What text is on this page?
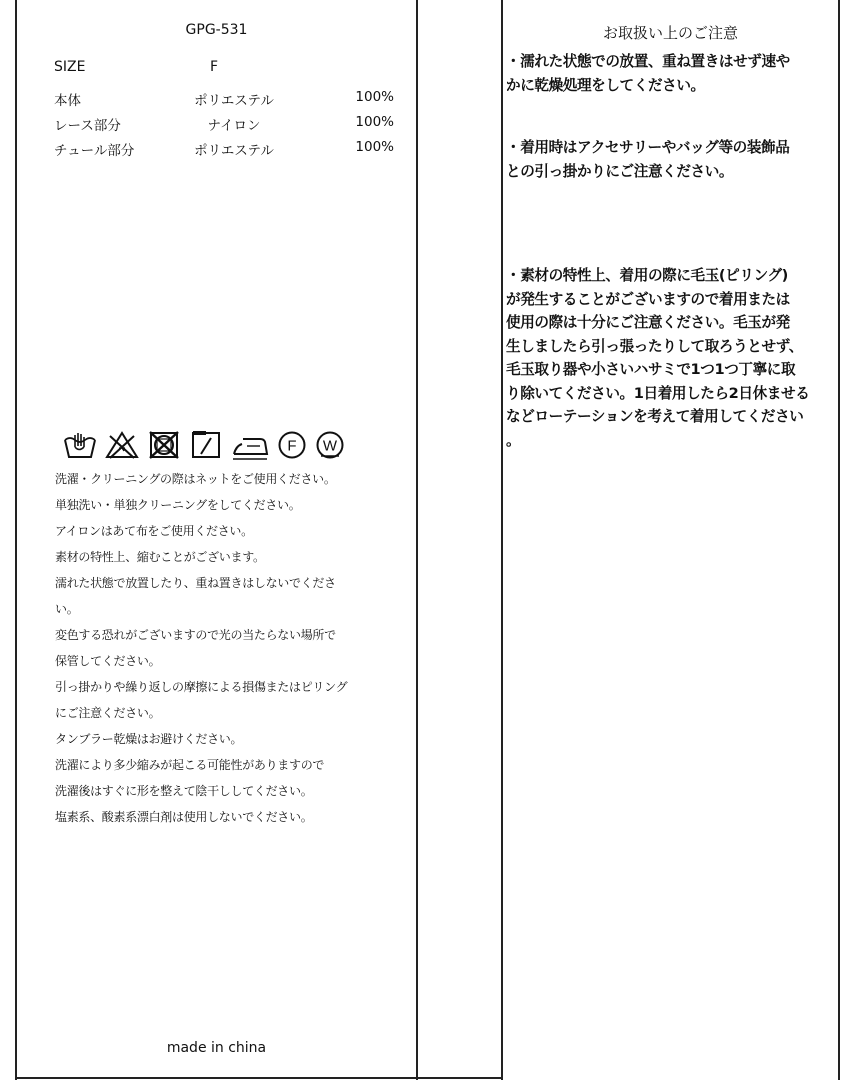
GPG-531
SIZE	F
本体	ポリエステル	100%
レース部分	ナイロン	100%
チュール部分	ポリエステル	100%
F W
洗濯・クリーニングの際はネットをご使用ください。
単独洗い・単独クリーニングをしてください。
アイロンはあて布をご使用ください。
素材の特性上、縮むことがございます。
濡れた状態で放置したり、重ね置きはしないでくださ
い。
変色する恐れがございますので光の当たらない場所で
保管してください。
引っ掛かりや繰り返しの摩擦による損傷またはピリング
にご注意ください。
タンブラー乾燥はお避けください。
洗濯により多少縮みが起こる可能性がありますので
洗濯後はすぐに形を整えて陰干ししてください。
塩素系、酸素系漂白剤は使用しないでください。
made in china
お取扱い上のご注意
・濡れた状態での放置、重ね置きはせず速や
かに乾燥処理をしてください。
・着用時はアクセサリーやバッグ等の装飾品
との引っ掛かりにご注意ください。
・素材の特性上、着用の際に毛玉(ピリング)
が発生することがございますので着用または
使用の際は十分にご注意ください。毛玉が発
生しましたら引っ張ったりして取ろうとせず、
毛玉取り器や小さいハサミで1つ1つ丁寧に取
り除いてください。1日着用したら2日休ませる
などローテーションを考えて着用してください
。
